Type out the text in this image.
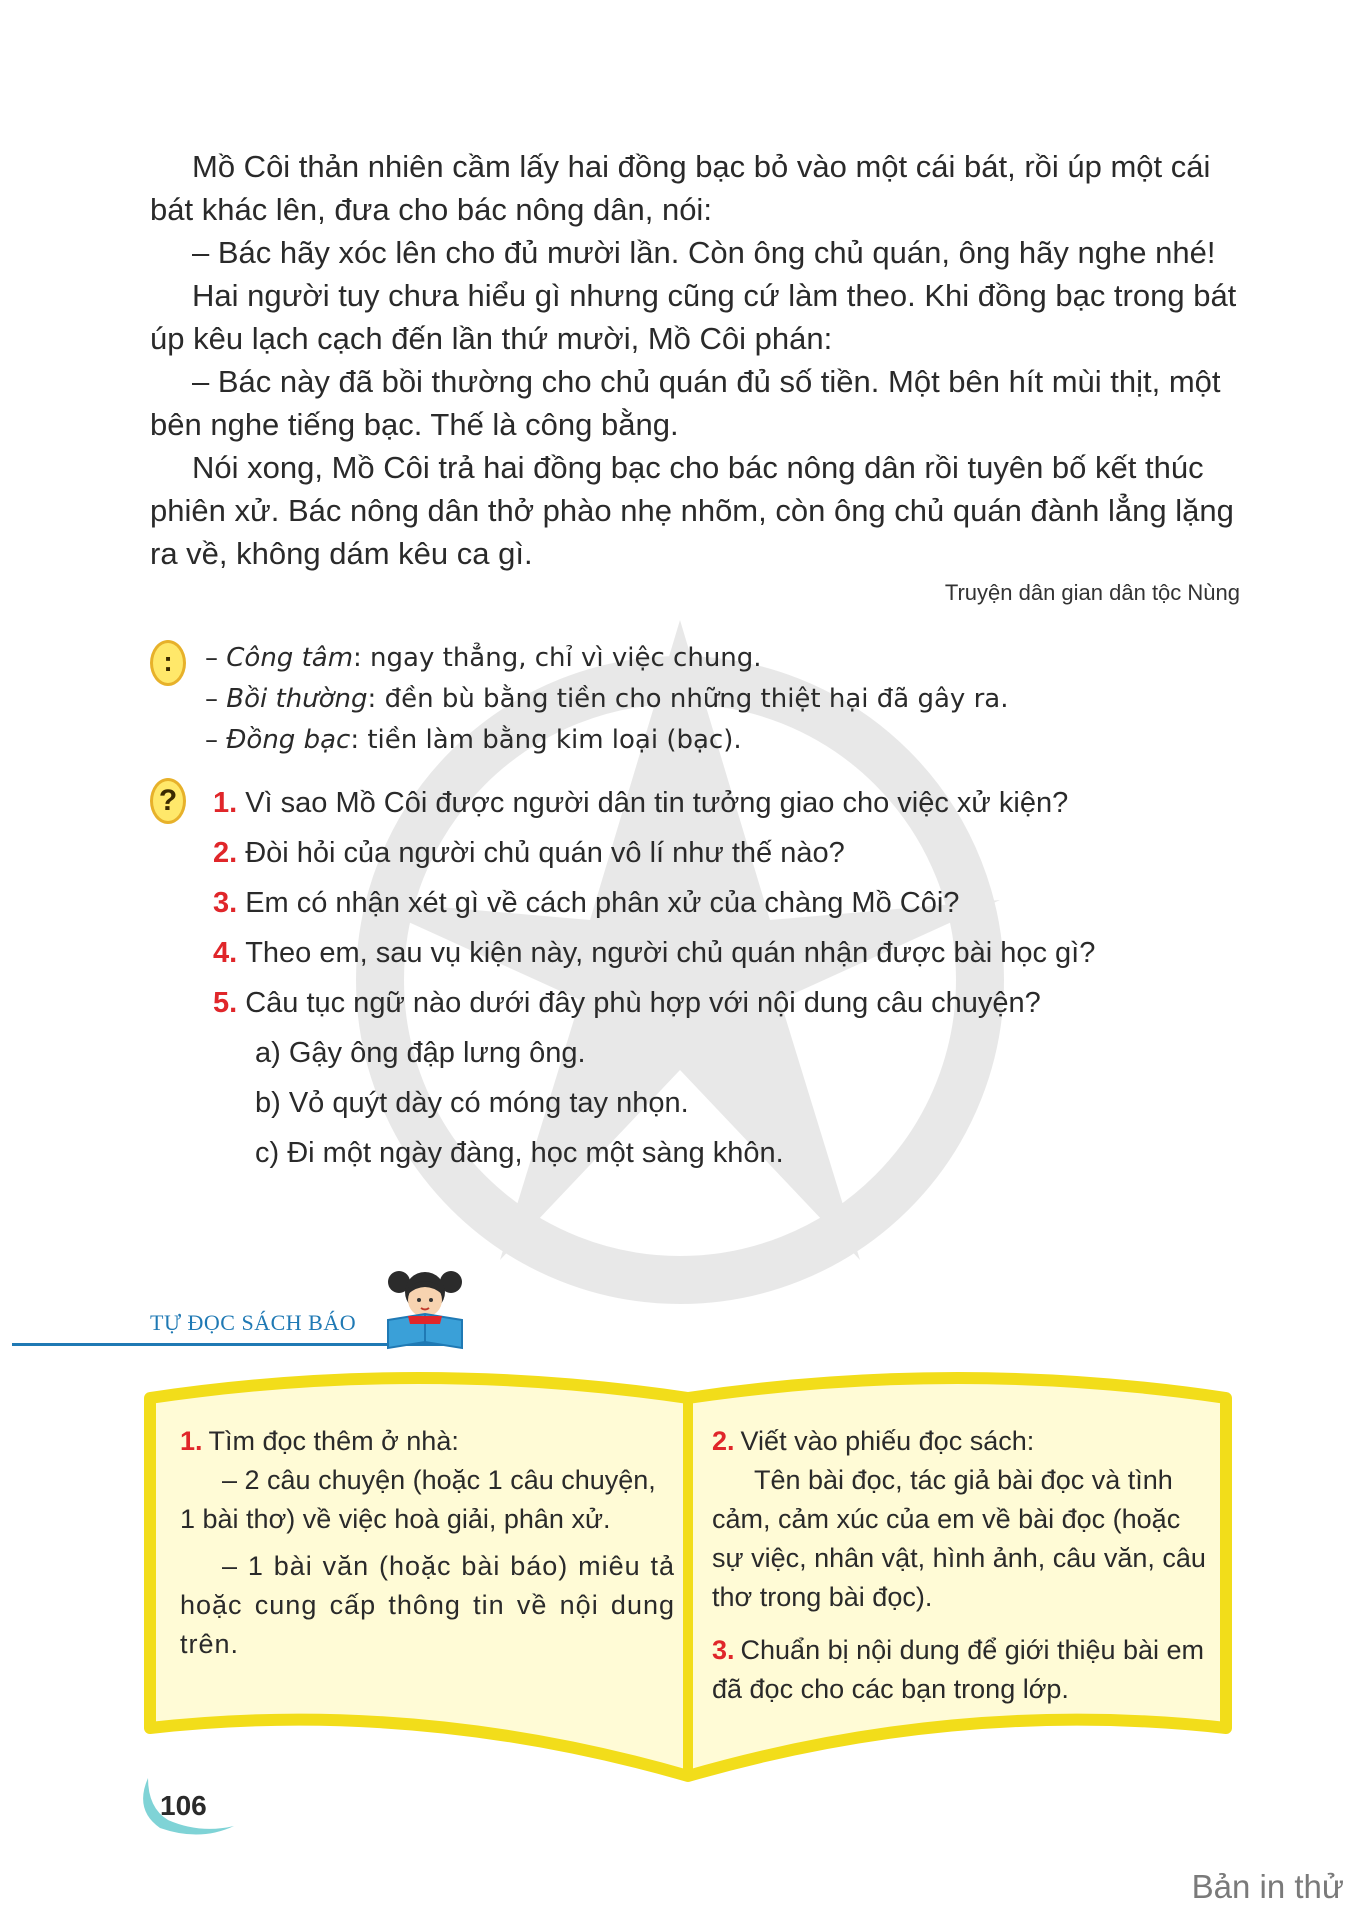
Mồ Côi thản nhiên cầm lấy hai đồng bạc bỏ vào một cái bát, rồi úp một cái bát khác lên, đưa cho bác nông dân, nói:

– Bác hãy xóc lên cho đủ mười lần. Còn ông chủ quán, ông hãy nghe nhé!

Hai người tuy chưa hiểu gì nhưng cũng cứ làm theo. Khi đồng bạc trong bát úp kêu lạch cạch đến lần thứ mười, Mồ Côi phán:

– Bác này đã bồi thường cho chủ quán đủ số tiền. Một bên hít mùi thịt, một bên nghe tiếng bạc. Thế là công bằng.

Nói xong, Mồ Côi trả hai đồng bạc cho bác nông dân rồi tuyên bố kết thúc phiên xử. Bác nông dân thở phào nhẹ nhõm, còn ông chủ quán đành lẳng lặng ra về, không dám kêu ca gì.

Truyện dân gian dân tộc Nùng
:	– Công tâm: ngay thẳng, chỉ vì việc chung.
– Bồi thường: đền bù bằng tiền cho những thiệt hại đã gây ra.
– Đồng bạc: tiền làm bằng kim loại (bạc).
?	1. Vì sao Mồ Côi được người dân tin tưởng giao cho việc xử kiện?
2. Đòi hỏi của người chủ quán vô lí như thế nào?
3. Em có nhận xét gì về cách phân xử của chàng Mồ Côi?
4. Theo em, sau vụ kiện này, người chủ quán nhận được bài học gì?
5. Câu tục ngữ nào dưới đây phù hợp với nội dung câu chuyện?
a) Gậy ông đập lưng ông.
b) Vỏ quýt dày có móng tay nhọn.
c) Đi một ngày đàng, học một sàng khôn.
TỰ ĐỌC SÁCH BÁO

1. Tìm đọc thêm ở nhà:

– 2 câu chuyện (hoặc 1 câu chuyện, 1 bài thơ) về việc hoà giải, phân xử.

– 1 bài văn (hoặc bài báo) miêu tả hoặc cung cấp thông tin về nội dung trên.

2. Viết vào phiếu đọc sách:

Tên bài đọc, tác giả bài đọc và tình cảm, cảm xúc của em về bài đọc (hoặc sự việc, nhân vật, hình ảnh, câu văn, câu thơ trong bài đọc).

3. Chuẩn bị nội dung để giới thiệu bài em đã đọc cho các bạn trong lớp.

106
Bản in thử
